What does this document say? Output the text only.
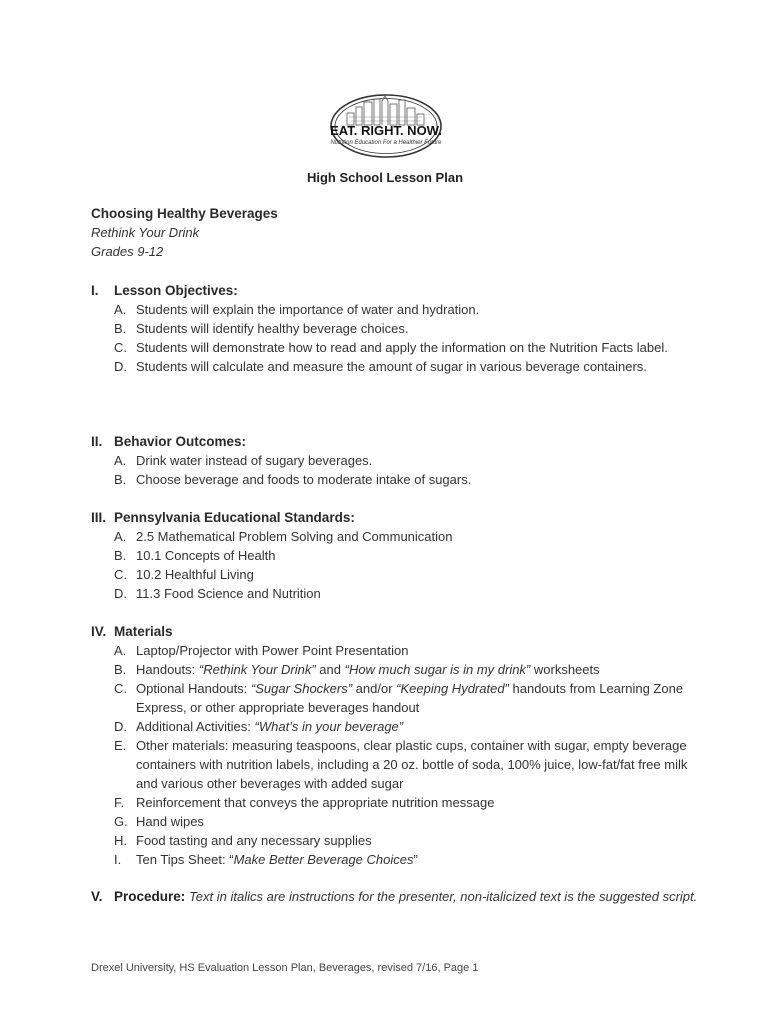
EAT. RIGHT. NOW.
Nutrition Education For a Healthier Future
High School Lesson Plan
Choosing Healthy Beverages
Rethink Your Drink
Grades 9-12
I. Lesson Objectives:
A. Students will explain the importance of water and hydration.
B. Students will identify healthy beverage choices.
C. Students will demonstrate how to read and apply the information on the Nutrition Facts label.
D. Students will calculate and measure the amount of sugar in various beverage containers.
II. Behavior Outcomes:
A. Drink water instead of sugary beverages.
B. Choose beverage and foods to moderate intake of sugars.
III. Pennsylvania Educational Standards:
A. 2.5 Mathematical Problem Solving and Communication
B. 10.1 Concepts of Health
C. 10.2 Healthful Living
D. 11.3 Food Science and Nutrition
IV. Materials
A. Laptop/Projector with Power Point Presentation
B. Handouts: “Rethink Your Drink” and “How much sugar is in my drink” worksheets
C. Optional Handouts: “Sugar Shockers” and/or “Keeping Hydrated” handouts from Learning Zone Express, or other appropriate beverages handout
D. Additional Activities: “What’s in your beverage”
E. Other materials: measuring teaspoons, clear plastic cups, container with sugar, empty beverage containers with nutrition labels, including a 20 oz. bottle of soda, 100% juice, low-fat/fat free milk and various other beverages with added sugar
F. Reinforcement that conveys the appropriate nutrition message
G. Hand wipes
H. Food tasting and any necessary supplies
I. Ten Tips Sheet: “Make Better Beverage Choices”
V. Procedure: Text in italics are instructions for the presenter, non-italicized text is the suggested script.
Drexel University, HS Evaluation Lesson Plan, Beverages, revised 7/16, Page 1
